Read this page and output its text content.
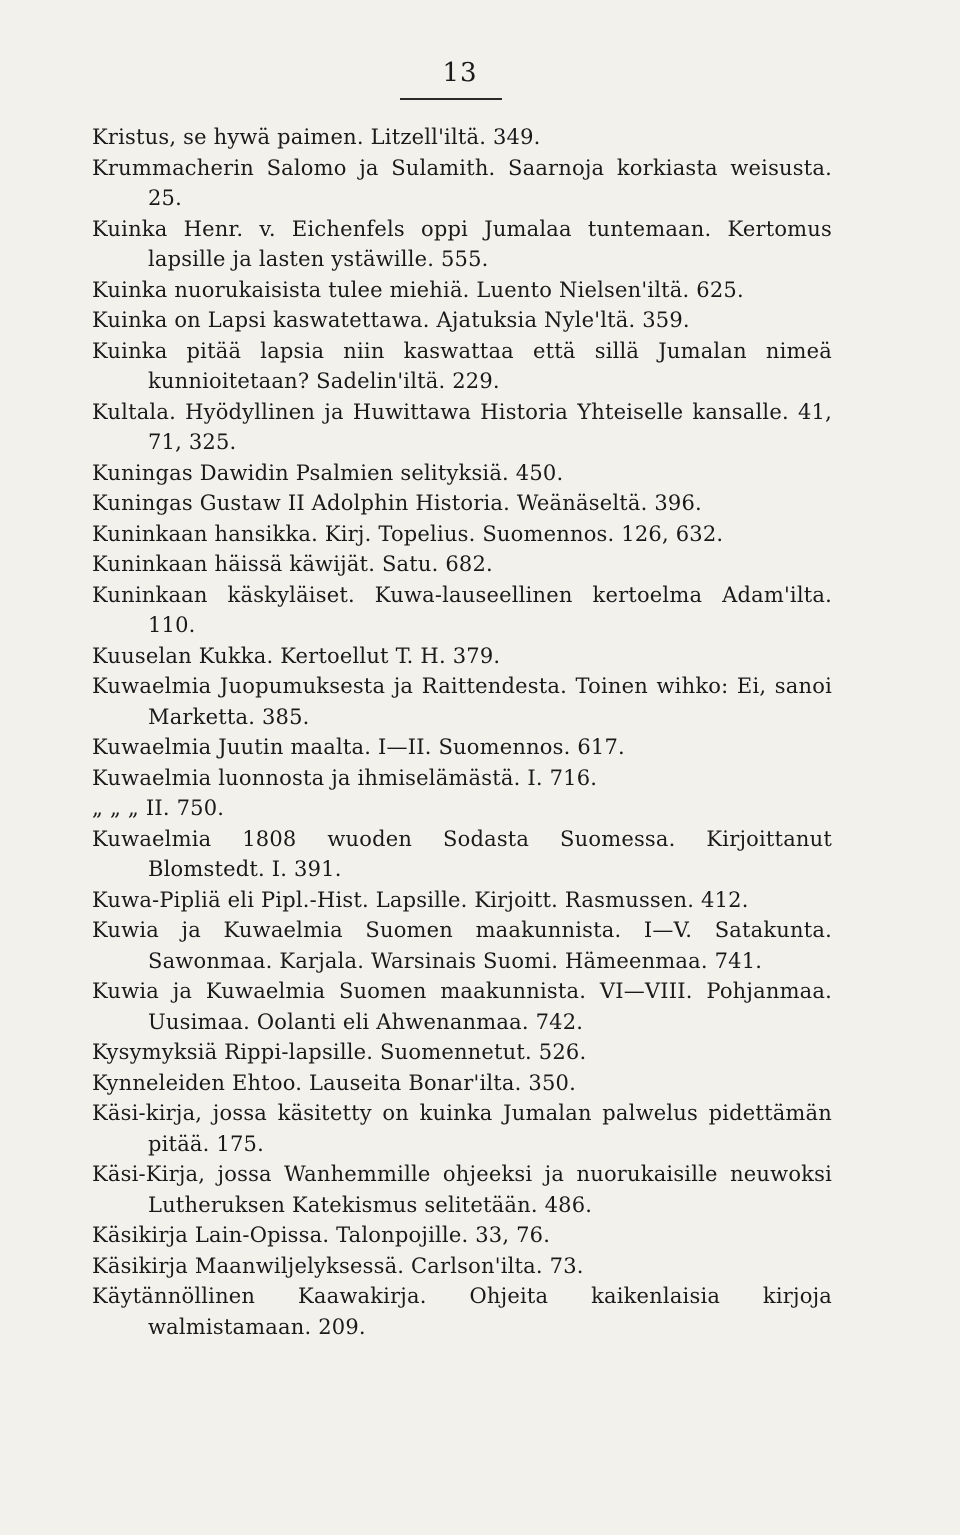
13
Kristus, se hywä paimen. Litzell'iltä. 349.
Krummacherin Salomo ja Sulamith. Saarnoja korkiasta weisusta. 25.
Kuinka Henr. v. Eichenfels oppi Jumalaa tuntemaan. Kertomus lapsille ja lasten ystäwille. 555.
Kuinka nuorukaisista tulee miehiä. Luento Nielsen'iltä. 625.
Kuinka on Lapsi kaswatettawa. Ajatuksia Nyle'ltä. 359.
Kuinka pitää lapsia niin kaswattaa että sillä Jumalan nimeä kunnioitetaan? Sadelin'iltä. 229.
Kultala. Hyödyllinen ja Huwittawa Historia Yhteiselle kansalle. 41, 71, 325.
Kuningas Dawidin Psalmien selityksiä. 450.
Kuningas Gustaw II Adolphin Historia. Weänäseltä. 396.
Kuninkaan hansikka. Kirj. Topelius. Suomennos. 126, 632.
Kuninkaan häissä käwijät. Satu. 682.
Kuninkaan käskyläiset. Kuwa-lauseellinen kertoelma Adam'ilta. 110.
Kuuselan Kukka. Kertoellut T. H. 379.
Kuwaelmia Juopumuksesta ja Raittendesta. Toinen wihko: Ei, sanoi Marketta. 385.
Kuwaelmia Juutin maalta. I—II. Suomennos. 617.
Kuwaelmia luonnosta ja ihmiselämästä. I. 716.
„ „ „ II. 750.
Kuwaelmia 1808 wuoden Sodasta Suomessa. Kirjoittanut Blomstedt. I. 391.
Kuwa-Pipliä eli Pipl.-Hist. Lapsille. Kirjoitt. Rasmussen. 412.
Kuwia ja Kuwaelmia Suomen maakunnista. I—V. Satakunta. Sawonmaa. Karjala. Warsinais Suomi. Hämeenmaa. 741.
Kuwia ja Kuwaelmia Suomen maakunnista. VI—VIII. Pohjanmaa. Uusimaa. Oolanti eli Ahwenanmaa. 742.
Kysymyksiä Rippi-lapsille. Suomennetut. 526.
Kynneleiden Ehtoo. Lauseita Bonar'ilta. 350.
Käsi-kirja, jossa käsitetty on kuinka Jumalan palwelus pidettämän pitää. 175.
Käsi-Kirja, jossa Wanhemmille ohjeeksi ja nuorukaisille neuwoksi Lutheruksen Katekismus selitetään. 486.
Käsikirja Lain-Opissa. Talonpojille. 33, 76.
Käsikirja Maanwiljelyksessä. Carlson'ilta. 73.
Käytännöllinen Kaawakirja. Ohjeita kaikenlaisia kirjoja walmistamaan. 209.
